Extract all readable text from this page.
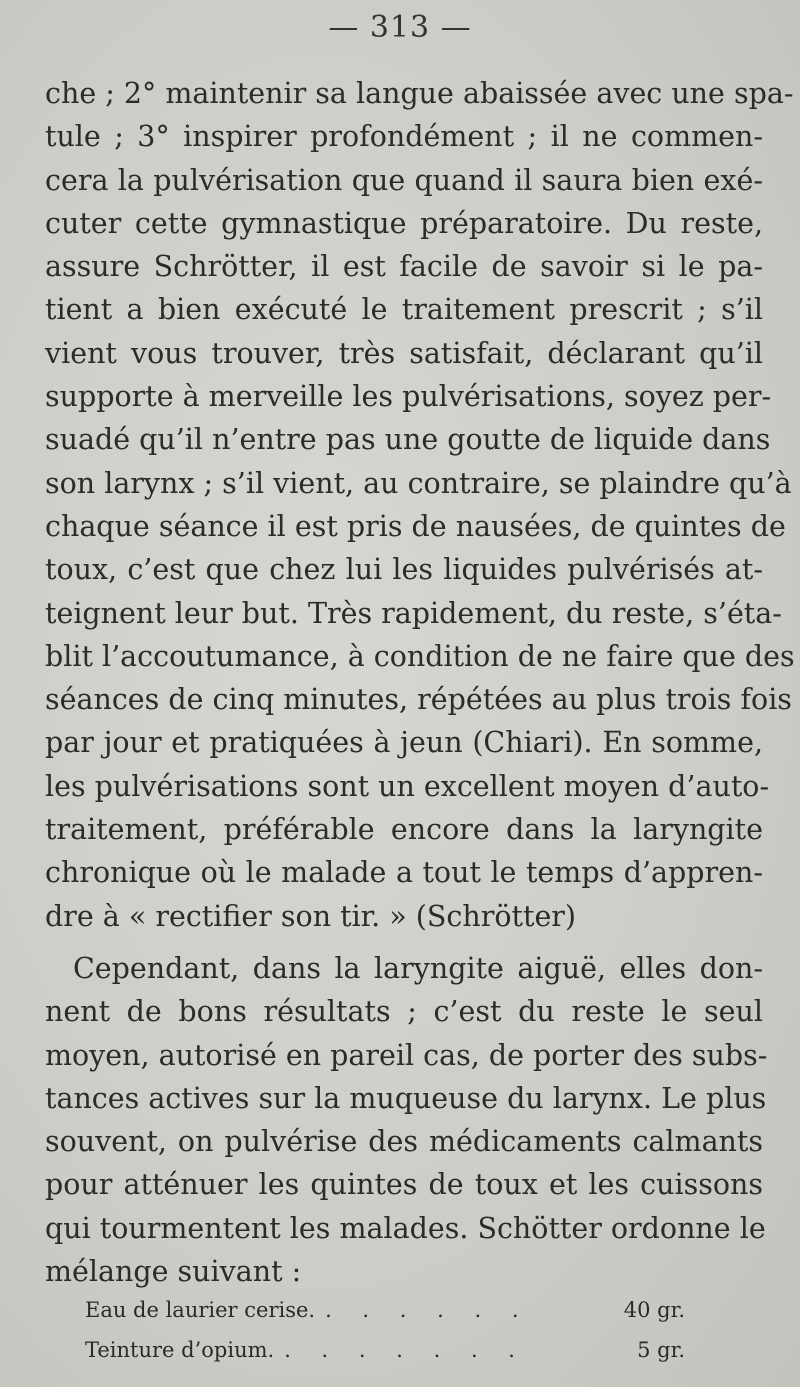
— 313 —
che ; 2° maintenir sa langue abaissée avec une spa-
tule ; 3° inspirer profondément ; il ne commen-
cera la pulvérisation que quand il saura bien exé-
cuter cette gymnastique préparatoire. Du reste,
assure Schrötter, il est facile de savoir si le pa-
tient a bien exécuté le traitement prescrit ; s’il
vient vous trouver, très satisfait, déclarant qu’il
supporte à merveille les pulvérisations, soyez per-
suadé qu’il n’entre pas une goutte de liquide dans
son larynx ; s’il vient, au contraire, se plaindre qu’à
chaque séance il est pris de nausées, de quintes de
toux, c’est que chez lui les liquides pulvérisés at-
teignent leur but. Très rapidement, du reste, s’éta-
blit l’accoutumance, à condition de ne faire que des
séances de cinq minutes, répétées au plus trois fois
par jour et pratiquées à jeun (Chiari). En somme,
les pulvérisations sont un excellent moyen d’auto-
traitement, préférable encore dans la laryngite
chronique où le malade a tout le temps d’appren-
dre à « rectifier son tir. » (Schrötter)
Cependant, dans la laryngite aiguë, elles don-
nent de bons résultats ; c’est du reste le seul
moyen, autorisé en pareil cas, de porter des subs-
tances actives sur la muqueuse du larynx. Le plus
souvent, on pulvérise des médicaments calmants
pour atténuer les quintes de toux et les cuissons
qui tourmentent les malades. Schötter ordonne le
mélange suivant :
Eau de laurier cerise. . . . . . .	40 gr.
Teinture d’opium. . . . . . . .	5 gr.
